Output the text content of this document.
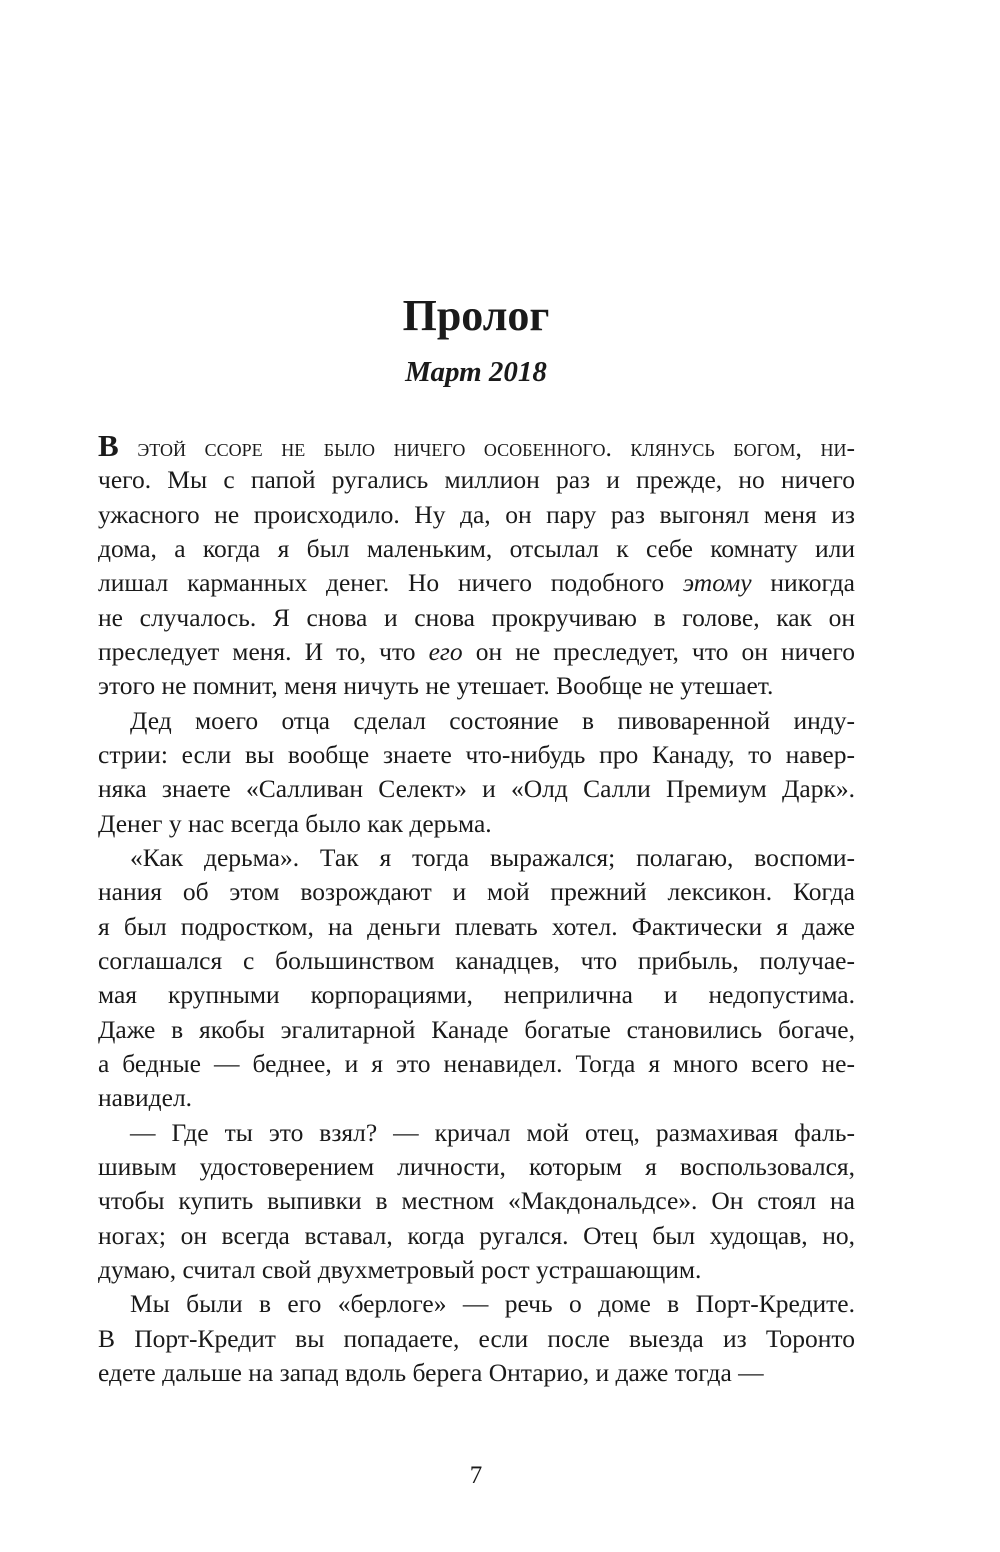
Пролог
Март 2018
В этой ссоре не было ничего особенного. клянусь богом, ни-
чего. Мы с папой ругались миллион раз и прежде, но ничего
ужасного не происходило. Ну да, он пару раз выгонял меня из
дома, а когда я был маленьким, отсылал к себе комнату или
лишал карманных денег. Но ничего подобного этому никогда
не случалось. Я снова и снова прокручиваю в голове, как он
преследует меня. И то, что его он не преследует, что он ничего
этого не помнит, меня ничуть не утешает. Вообще не утешает.
Дед моего отца сделал состояние в пивоваренной инду-
стрии: если вы вообще знаете что-нибудь про Канаду, то навер-
няка знаете «Салливан Селект» и «Олд Салли Премиум Дарк».
Денег у нас всегда было как дерьма.
«Как дерьма». Так я тогда выражался; полагаю, воспоми-
нания об этом возрождают и мой прежний лексикон. Когда
я был подростком, на деньги плевать хотел. Фактически я даже
соглашался с большинством канадцев, что прибыль, получае-
мая крупными корпорациями, неприлична и недопустима.
Даже в якобы эгалитарной Канаде богатые становились богаче,
а бедные — беднее, и я это ненавидел. Тогда я много всего не-
навидел.
— Где ты это взял? — кричал мой отец, размахивая фаль-
шивым удостоверением личности, которым я воспользовался,
чтобы купить выпивки в местном «Макдональдсе». Он стоял на
ногах; он всегда вставал, когда ругался. Отец был худощав, но,
думаю, считал свой двухметровый рост устрашающим.
Мы были в его «берлоге» — речь о доме в Порт-Кредите.
В Порт-Кредит вы попадаете, если после выезда из Торонто
едете дальше на запад вдоль берега Онтарио, и даже тогда —
7
